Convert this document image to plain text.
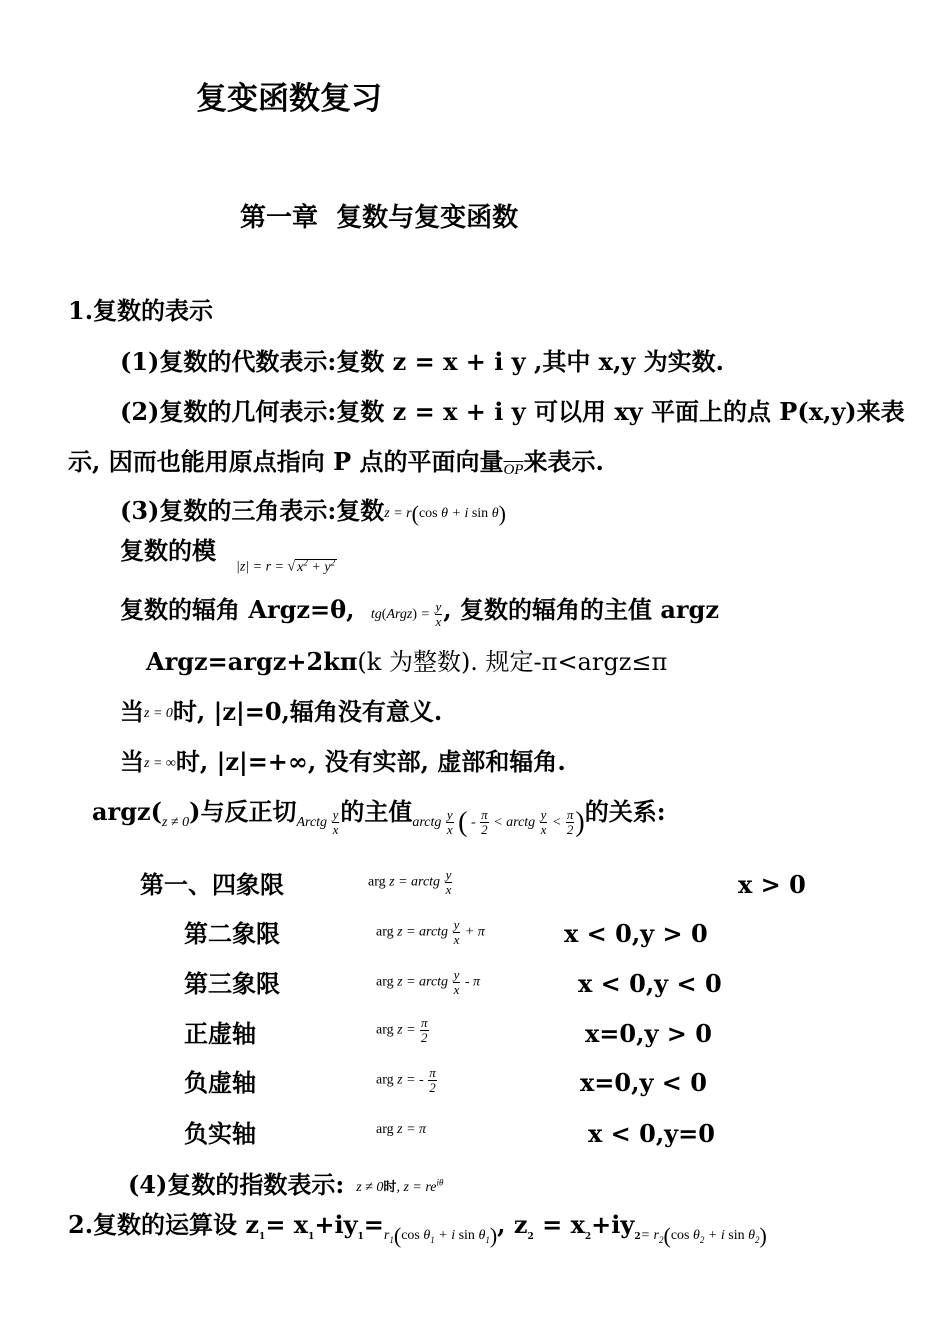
复变函数复习
第一章  复数与复变函数
1.复数的表示
(1)复数的代数表示:复数 z = x + i y ,其中 x,y 为实数.
(2)复数的几何表示:复数 z = x + i y 可以用 xy 平面上的点 P(x,y)来表
示, 因而也能用原点指向 P 点的平面向量$\overline{OP}$来表示.
(3)复数的三角表示:复数z = r(cos θ + i sin θ)
复数的模
|z| = r = √ $x^2 + y^2$
复数的辐角 Argz=θ, tg(Argz) = $\frac{y}{x}$ , 复数的辐角的主值 argz
Argz=argz+2kπ(k 为整数). 规定-π<argz≤π
当z = 0时, |z|=0,辐角没有意义.
当z = ∞时, |z|=+∞, 没有实部, 虚部和辐角.
$argz(_{z \ne 0})$与反正切$_{Arctg \frac{y}{x}}$ 的主值$_{arctg \frac{y}{x} ( - \frac{\pi}{2} < arctg \frac{y}{x} < \frac{\pi}{2} )}$的关系:
第一、四象限	arg z = arctg $\frac{y}{x}$	x > 0
第二象限	arg z = arctg $\frac{y}{x} + \pi$	x < 0,y > 0
第三象限	arg z = arctg $\frac{y}{x}$ - π	x < 0,y < 0
正虚轴	arg $z = \frac{\pi}{2}$	x=0,y > 0
负虚轴	arg z = - $\frac{\pi}{2}$	x=0,y < 0
负实轴	arg z = π	x < 0,y=0
(4)复数的指数表示: z ≠ 0时, $z = re^{i\theta}$
2.复数的运算设 $z_1= x_1+iy_1=_{r_1(cos \theta_1 + i sin \theta_1)}$, $z_2 = x_2+iy_{2= r_2(cos \theta_2 + i sin \theta_2)}$
